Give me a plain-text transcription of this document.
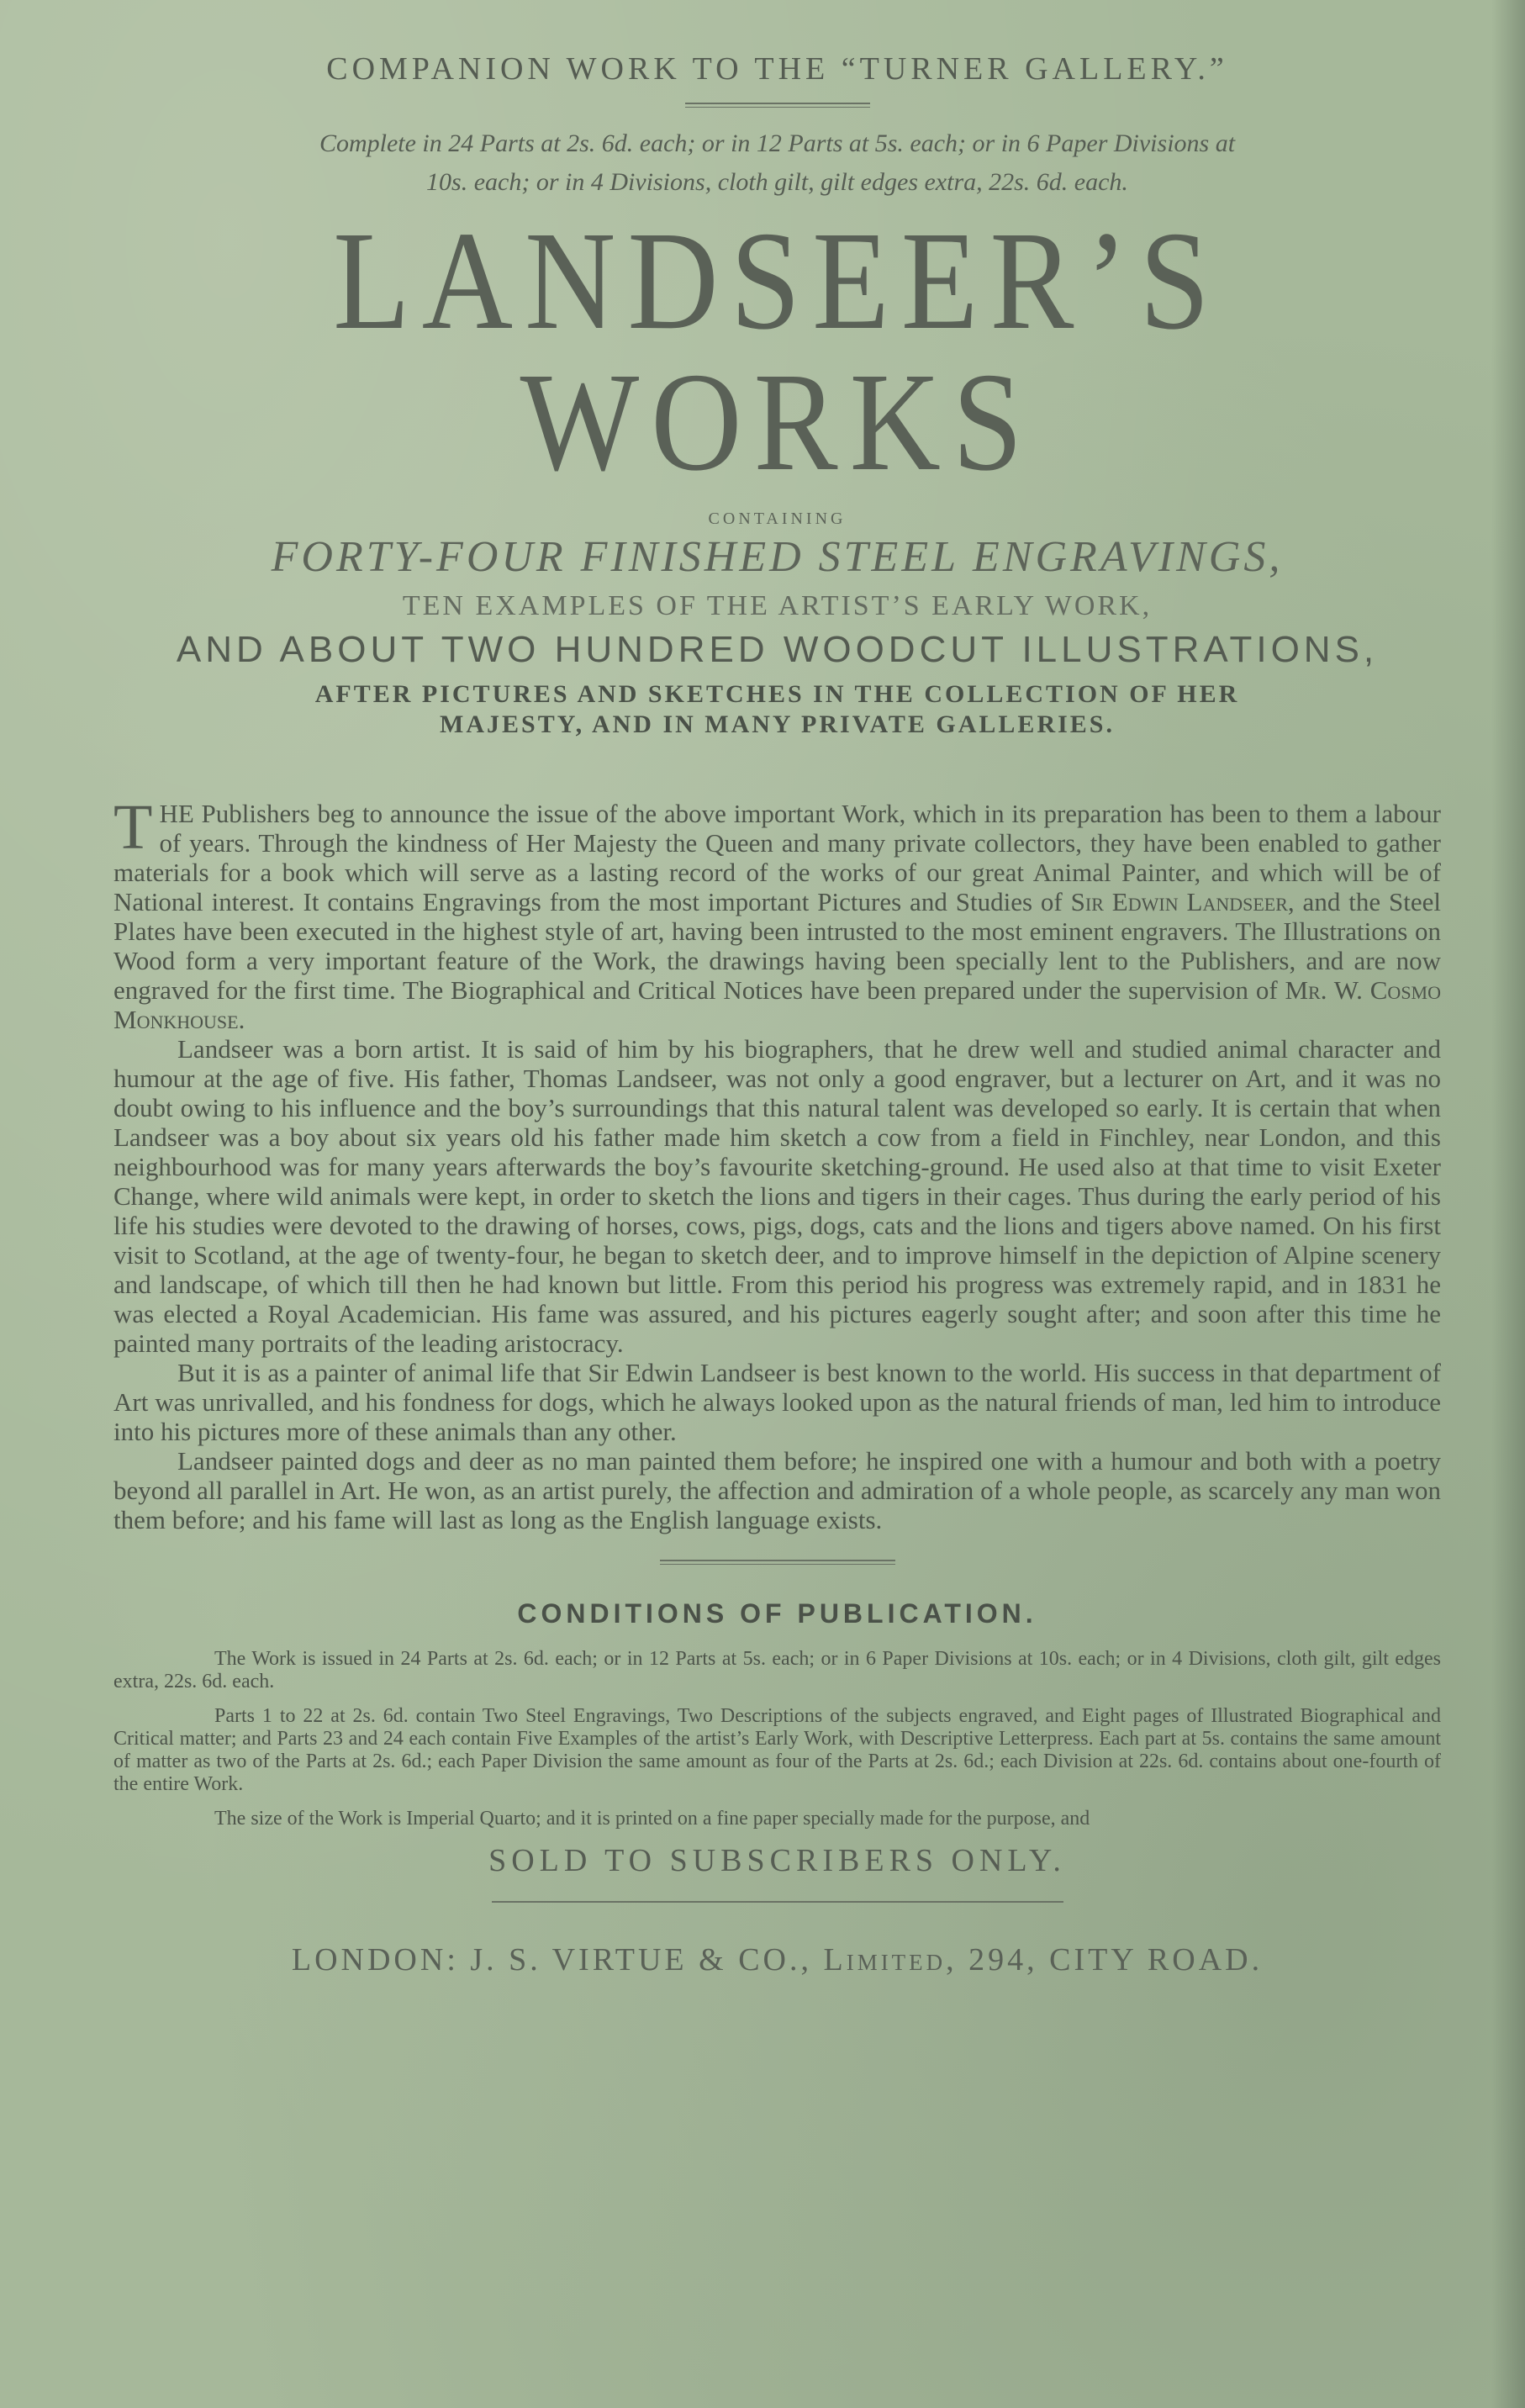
COMPANION WORK TO THE “TURNER GALLERY.”

Complete in 24 Parts at 2s. 6d. each; or in 12 Parts at 5s. each; or in 6 Paper Divisions at
10s. each; or in 4 Divisions, cloth gilt, gilt edges extra, 22s. 6d. each.

LANDSEER’S WORKS

CONTAINING

FORTY-FOUR FINISHED STEEL ENGRAVINGS,

TEN EXAMPLES OF THE ARTIST’S EARLY WORK,

AND ABOUT TWO HUNDRED WOODCUT ILLUSTRATIONS,

AFTER PICTURES AND SKETCHES IN THE COLLECTION OF HER
MAJESTY, AND IN MANY PRIVATE GALLERIES.

THE Publishers beg to announce the issue of the above important Work, which in its preparation has been to them a labour of years. Through the kindness of Her Majesty the Queen and many private collectors, they have been enabled to gather materials for a book which will serve as a lasting record of the works of our great Animal Painter, and which will be of National interest. It contains Engravings from the most important Pictures and Studies of Sir Edwin Landseer, and the Steel Plates have been executed in the highest style of art, having been intrusted to the most eminent engravers. The Illustrations on Wood form a very important feature of the Work, the drawings having been specially lent to the Publishers, and are now engraved for the first time. The Biographical and Critical Notices have been prepared under the supervision of Mr. W. Cosmo Monkhouse.

Landseer was a born artist. It is said of him by his biographers, that he drew well and studied animal character and humour at the age of five. His father, Thomas Landseer, was not only a good engraver, but a lecturer on Art, and it was no doubt owing to his influence and the boy’s surroundings that this natural talent was developed so early. It is certain that when Landseer was a boy about six years old his father made him sketch a cow from a field in Finchley, near London, and this neighbourhood was for many years afterwards the boy’s favourite sketching-ground. He used also at that time to visit Exeter Change, where wild animals were kept, in order to sketch the lions and tigers in their cages. Thus during the early period of his life his studies were devoted to the drawing of horses, cows, pigs, dogs, cats and the lions and tigers above named. On his first visit to Scotland, at the age of twenty-four, he began to sketch deer, and to improve himself in the depiction of Alpine scenery and landscape, of which till then he had known but little. From this period his progress was extremely rapid, and in 1831 he was elected a Royal Academician. His fame was assured, and his pictures eagerly sought after; and soon after this time he painted many portraits of the leading aristocracy.

But it is as a painter of animal life that Sir Edwin Landseer is best known to the world. His success in that department of Art was unrivalled, and his fondness for dogs, which he always looked upon as the natural friends of man, led him to introduce into his pictures more of these animals than any other.

Landseer painted dogs and deer as no man painted them before; he inspired one with a humour and both with a poetry beyond all parallel in Art. He won, as an artist purely, the affection and admiration of a whole people, as scarcely any man won them before; and his fame will last as long as the English language exists.

CONDITIONS OF PUBLICATION.

The Work is issued in 24 Parts at 2s. 6d. each; or in 12 Parts at 5s. each; or in 6 Paper Divisions at 10s. each; or in 4 Divisions, cloth gilt, gilt edges extra, 22s. 6d. each.

Parts 1 to 22 at 2s. 6d. contain Two Steel Engravings, Two Descriptions of the subjects engraved, and Eight pages of Illustrated Biographical and Critical matter; and Parts 23 and 24 each contain Five Examples of the artist’s Early Work, with Descriptive Letterpress. Each part at 5s. contains the same amount of matter as two of the Parts at 2s. 6d.; each Paper Division the same amount as four of the Parts at 2s. 6d.; each Division at 22s. 6d. contains about one-fourth of the entire Work.

The size of the Work is Imperial Quarto; and it is printed on a fine paper specially made for the purpose, and

SOLD TO SUBSCRIBERS ONLY.

LONDON: J. S. VIRTUE & CO., Limited, 294, CITY ROAD.
